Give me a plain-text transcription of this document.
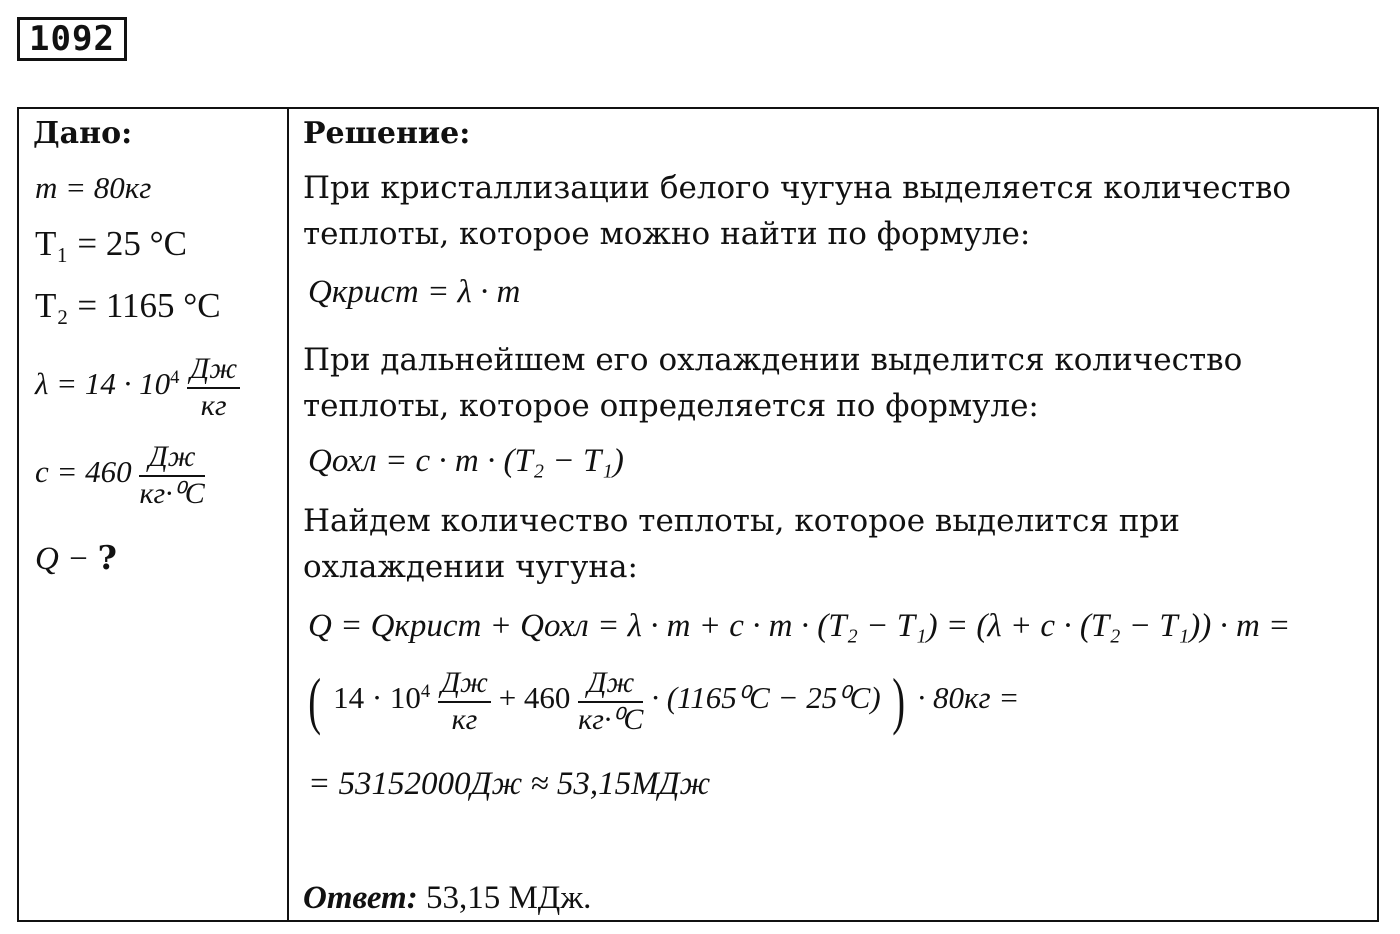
1092
Дано:
m = 80кг
T₁ = 25 °C
T₂ = 1165 °C
$\lambda = 14 \cdot 10^4 \frac{Дж}{кг}$
$c = 460 \frac{Дж}{\text{кг·⁰C}}$
Q − ?
Решение:
При кристаллизации белого чугуна выделяется количество
теплоты, которое можно найти по формуле:
Qкрист = λ · m
При дальнейшем его охлаждении выделится количество
теплоты, которое определяется по формуле:
Qохл = c · m · (T₂ − T₁)
Найдем количество теплоты, которое выделится при
охлаждении чугуна:
Q = Qкрист + Qохл = λ · m + c · m · (T₂ − T₁) = (λ + c · (T₂ − T₁)) · m =
( $14 \cdot 10^4 \frac{Дж}{кг} + 460 \frac{Дж}{\text{кг·⁰C}} \cdot (1165^0C - 25^0C)$ ) · 80кг =
= 53152000Дж ≈ 53,15МДж
Ответ: 53,15 МДж.
